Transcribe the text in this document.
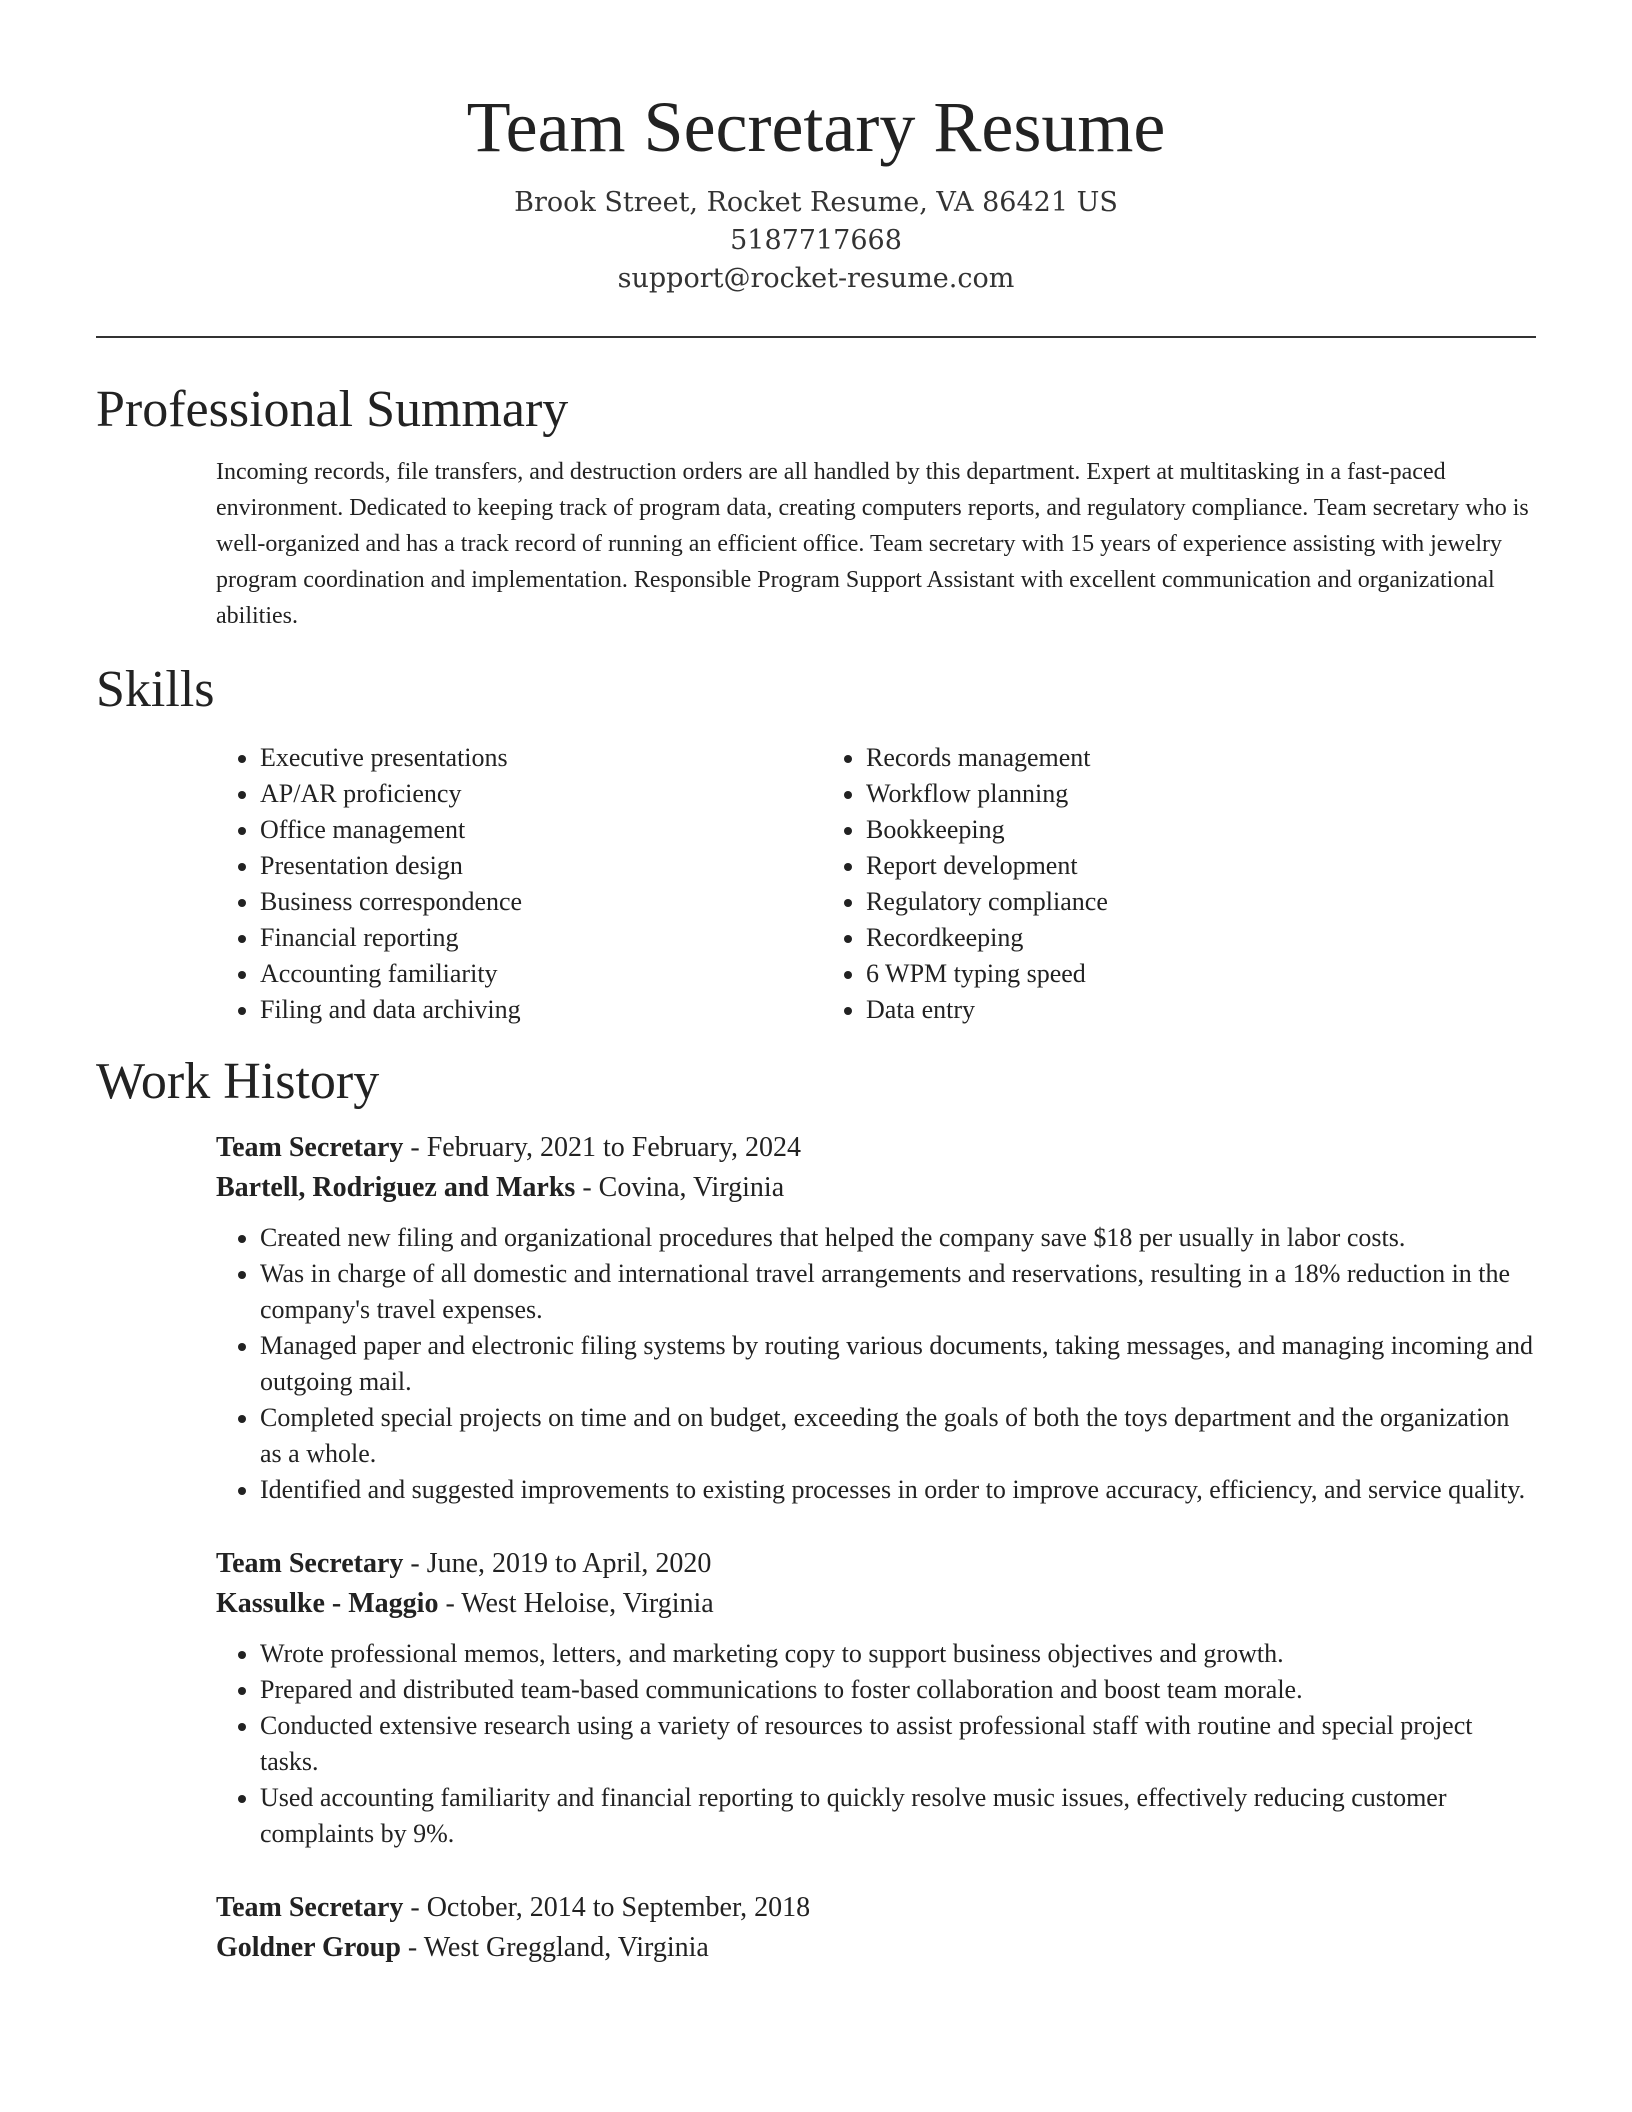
Team Secretary Resume
Brook Street, Rocket Resume, VA 86421 US
5187717668
support@rocket-resume.com
Professional Summary

Incoming records, file transfers, and destruction orders are all handled by this department. Expert at multitasking in a fast-paced environment. Dedicated to keeping track of program data, creating computers reports, and regulatory compliance. Team secretary who is well-organized and has a track record of running an efficient office. Team secretary with 15 years of experience assisting with jewelry program coordination and implementation. Responsible Program Support Assistant with excellent communication and organizational abilities.

Skills
• Executive presentations
• AP/AR proficiency
• Office management
• Presentation design
• Business correspondence
• Financial reporting
• Accounting familiarity
• Filing and data archiving
• Records management
• Workflow planning
• Bookkeeping
• Report development
• Regulatory compliance
• Recordkeeping
• 6 WPM typing speed
• Data entry
Work History
Team Secretary - February, 2021 to February, 2024
Bartell, Rodriguez and Marks - Covina, Virginia
• Created new filing and organizational procedures that helped the company save $18 per usually in labor costs.
• Was in charge of all domestic and international travel arrangements and reservations, resulting in a 18% reduction in the company's travel expenses.
• Managed paper and electronic filing systems by routing various documents, taking messages, and managing incoming and outgoing mail.
• Completed special projects on time and on budget, exceeding the goals of both the toys department and the organization as a whole.
• Identified and suggested improvements to existing processes in order to improve accuracy, efficiency, and service quality.
Team Secretary - June, 2019 to April, 2020
Kassulke - Maggio - West Heloise, Virginia
• Wrote professional memos, letters, and marketing copy to support business objectives and growth.
• Prepared and distributed team-based communications to foster collaboration and boost team morale.
• Conducted extensive research using a variety of resources to assist professional staff with routine and special project tasks.
• Used accounting familiarity and financial reporting to quickly resolve music issues, effectively reducing customer complaints by 9%.
Team Secretary - October, 2014 to September, 2018
Goldner Group - West Greggland, Virginia
